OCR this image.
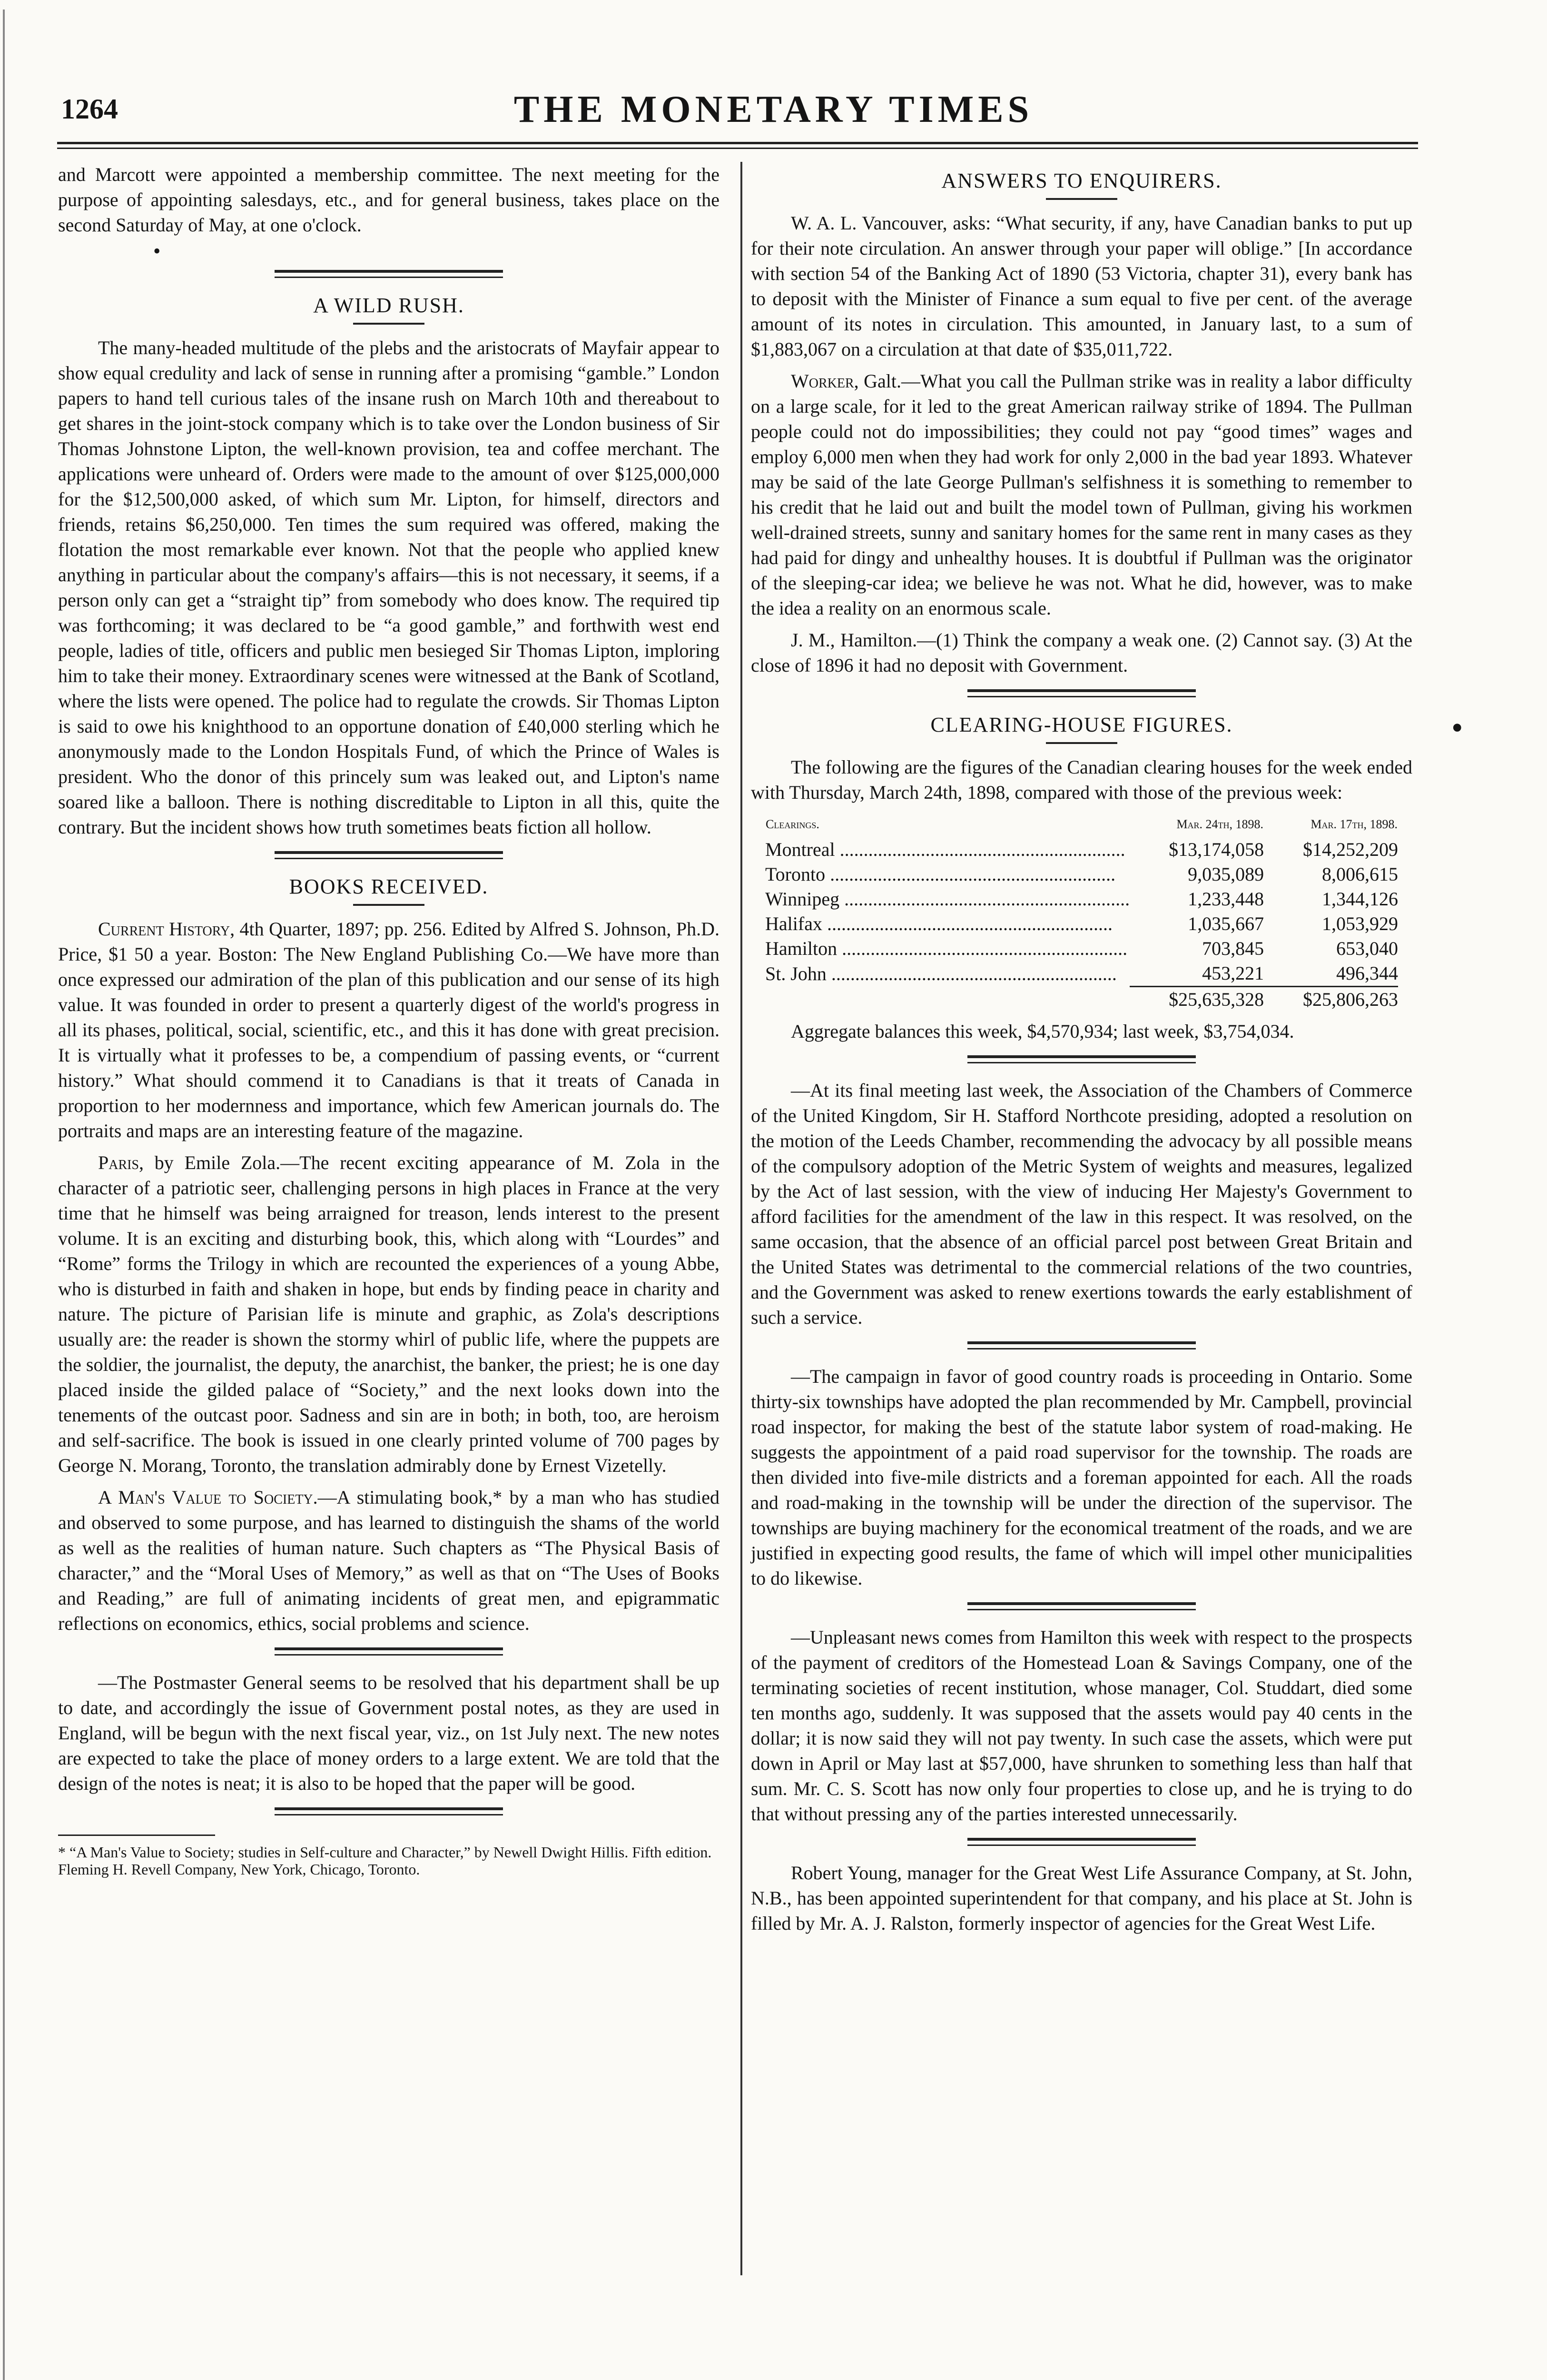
1264	THE MONETARY TIMES

and Marcott were appointed a membership committee. The next meeting for the purpose of appointing salesdays, etc., and for general business, takes place on the second Saturday of May, at one o'clock.

•
A WILD RUSH.

The many-headed multitude of the plebs and the aristocrats of Mayfair appear to show equal credulity and lack of sense in running after a promising “gamble.” London papers to hand tell curious tales of the insane rush on March 10th and thereabout to get shares in the joint-stock company which is to take over the London business of Sir Thomas Johnstone Lipton, the well-known provision, tea and coffee merchant. The applications were unheard of. Orders were made to the amount of over $125,000,000 for the $12,500,000 asked, of which sum Mr. Lipton, for himself, directors and friends, retains $6,250,000. Ten times the sum required was offered, making the flotation the most remarkable ever known. Not that the people who applied knew anything in particular about the company's affairs—this is not necessary, it seems, if a person only can get a “straight tip” from somebody who does know. The required tip was forthcoming; it was declared to be “a good gamble,” and forthwith west end people, ladies of title, officers and public men besieged Sir Thomas Lipton, imploring him to take their money. Extraordinary scenes were witnessed at the Bank of Scotland, where the lists were opened. The police had to regulate the crowds. Sir Thomas Lipton is said to owe his knighthood to an opportune donation of £40,000 sterling which he anonymously made to the London Hospitals Fund, of which the Prince of Wales is president. Who the donor of this princely sum was leaked out, and Lipton's name soared like a balloon. There is nothing discreditable to Lipton in all this, quite the contrary. But the incident shows how truth sometimes beats fiction all hollow.

BOOKS RECEIVED.

Current History, 4th Quarter, 1897; pp. 256. Edited by Alfred S. Johnson, Ph.D. Price, $1 50 a year. Boston: The New England Publishing Co.—We have more than once expressed our admiration of the plan of this publication and our sense of its high value. It was founded in order to present a quarterly digest of the world's progress in all its phases, political, social, scientific, etc., and this it has done with great precision. It is virtually what it professes to be, a compendium of passing events, or “current history.” What should commend it to Canadians is that it treats of Canada in proportion to her modernness and importance, which few American journals do. The portraits and maps are an interesting feature of the magazine.

Paris, by Emile Zola.—The recent exciting appearance of M. Zola in the character of a patriotic seer, challenging persons in high places in France at the very time that he himself was being arraigned for treason, lends interest to the present volume. It is an exciting and disturbing book, this, which along with “Lourdes” and “Rome” forms the Trilogy in which are recounted the experiences of a young Abbe, who is disturbed in faith and shaken in hope, but ends by finding peace in charity and nature. The picture of Parisian life is minute and graphic, as Zola's descriptions usually are: the reader is shown the stormy whirl of public life, where the puppets are the soldier, the journalist, the deputy, the anarchist, the banker, the priest; he is one day placed inside the gilded palace of “Society,” and the next looks down into the tenements of the outcast poor. Sadness and sin are in both; in both, too, are heroism and self-sacrifice. The book is issued in one clearly printed volume of 700 pages by George N. Morang, Toronto, the translation admirably done by Ernest Vizetelly.

A Man's Value to Society.—A stimulating book,* by a man who has studied and observed to some purpose, and has learned to distinguish the shams of the world as well as the realities of human nature. Such chapters as “The Physical Basis of character,” and the “Moral Uses of Memory,” as well as that on “The Uses of Books and Reading,” are full of animating incidents of great men, and epigrammatic reflections on economics, ethics, social problems and science.

—The Postmaster General seems to be resolved that his department shall be up to date, and accordingly the issue of Government postal notes, as they are used in England, will be begun with the next fiscal year, viz., on 1st July next. The new notes are expected to take the place of money orders to a large extent. We are told that the design of the notes is neat; it is also to be hoped that the paper will be good.

* “A Man's Value to Society; studies in Self-culture and Character,” by Newell Dwight Hillis. Fifth edition. Fleming H. Revell Company, New York, Chicago, Toronto.

ANSWERS TO ENQUIRERS.

W. A. L. Vancouver, asks: “What security, if any, have Canadian banks to put up for their note circulation. An answer through your paper will oblige.” [In accordance with section 54 of the Banking Act of 1890 (53 Victoria, chapter 31), every bank has to deposit with the Minister of Finance a sum equal to five per cent. of the average amount of its notes in circulation. This amounted, in January last, to a sum of $1,883,067 on a circulation at that date of $35,011,722.

Worker, Galt.—What you call the Pullman strike was in reality a labor difficulty on a large scale, for it led to the great American railway strike of 1894. The Pullman people could not do impossibilities; they could not pay “good times” wages and employ 6,000 men when they had work for only 2,000 in the bad year 1893. Whatever may be said of the late George Pullman's selfishness it is something to remember to his credit that he laid out and built the model town of Pullman, giving his workmen well-drained streets, sunny and sanitary homes for the same rent in many cases as they had paid for dingy and unhealthy houses. It is doubtful if Pullman was the originator of the sleeping-car idea; we believe he was not. What he did, however, was to make the idea a reality on an enormous scale.

J. M., Hamilton.—(1) Think the company a weak one. (2) Cannot say. (3) At the close of 1896 it had no deposit with Government.

CLEARING-HOUSE FIGURES.

The following are the figures of the Canadian clearing houses for the week ended with Thursday, March 24th, 1898, compared with those of the previous week:

Clearings.	Mar. 24th, 1898.	Mar. 17th, 1898.
Montreal ............................................................	$13,174,058	$14,252,209
Toronto ............................................................	9,035,089	8,006,615
Winnipeg ............................................................	1,233,448	1,344,126
Halifax ............................................................	1,035,667	1,053,929
Hamilton ............................................................	703,845	653,040
St. John ............................................................	453,221	496,344
	$25,635,328	$25,806,263

Aggregate balances this week, $4,570,934; last week, $3,754,034.

—At its final meeting last week, the Association of the Chambers of Commerce of the United Kingdom, Sir H. Stafford Northcote presiding, adopted a resolution on the motion of the Leeds Chamber, recommending the advocacy by all possible means of the compulsory adoption of the Metric System of weights and measures, legalized by the Act of last session, with the view of inducing Her Majesty's Government to afford facilities for the amendment of the law in this respect. It was resolved, on the same occasion, that the absence of an official parcel post between Great Britain and the United States was detrimental to the commercial relations of the two countries, and the Government was asked to renew exertions towards the early establishment of such a service.

—The campaign in favor of good country roads is proceeding in Ontario. Some thirty-six townships have adopted the plan recommended by Mr. Campbell, provincial road inspector, for making the best of the statute labor system of road-making. He suggests the appointment of a paid road supervisor for the township. The roads are then divided into five-mile districts and a foreman appointed for each. All the roads and road-making in the township will be under the direction of the supervisor. The townships are buying machinery for the economical treatment of the roads, and we are justified in expecting good results, the fame of which will impel other municipalities to do likewise.

—Unpleasant news comes from Hamilton this week with respect to the prospects of the payment of creditors of the Homestead Loan & Savings Company, one of the terminating societies of recent institution, whose manager, Col. Studdart, died some ten months ago, suddenly. It was supposed that the assets would pay 40 cents in the dollar; it is now said they will not pay twenty. In such case the assets, which were put down in April or May last at $57,000, have shrunken to something less than half that sum. Mr. C. S. Scott has now only four properties to close up, and he is trying to do that without pressing any of the parties interested unnecessarily.

Robert Young, manager for the Great West Life Assurance Company, at St. John, N.B., has been appointed superintendent for that company, and his place at St. John is filled by Mr. A. J. Ralston, formerly inspector of agencies for the Great West Life.

•
